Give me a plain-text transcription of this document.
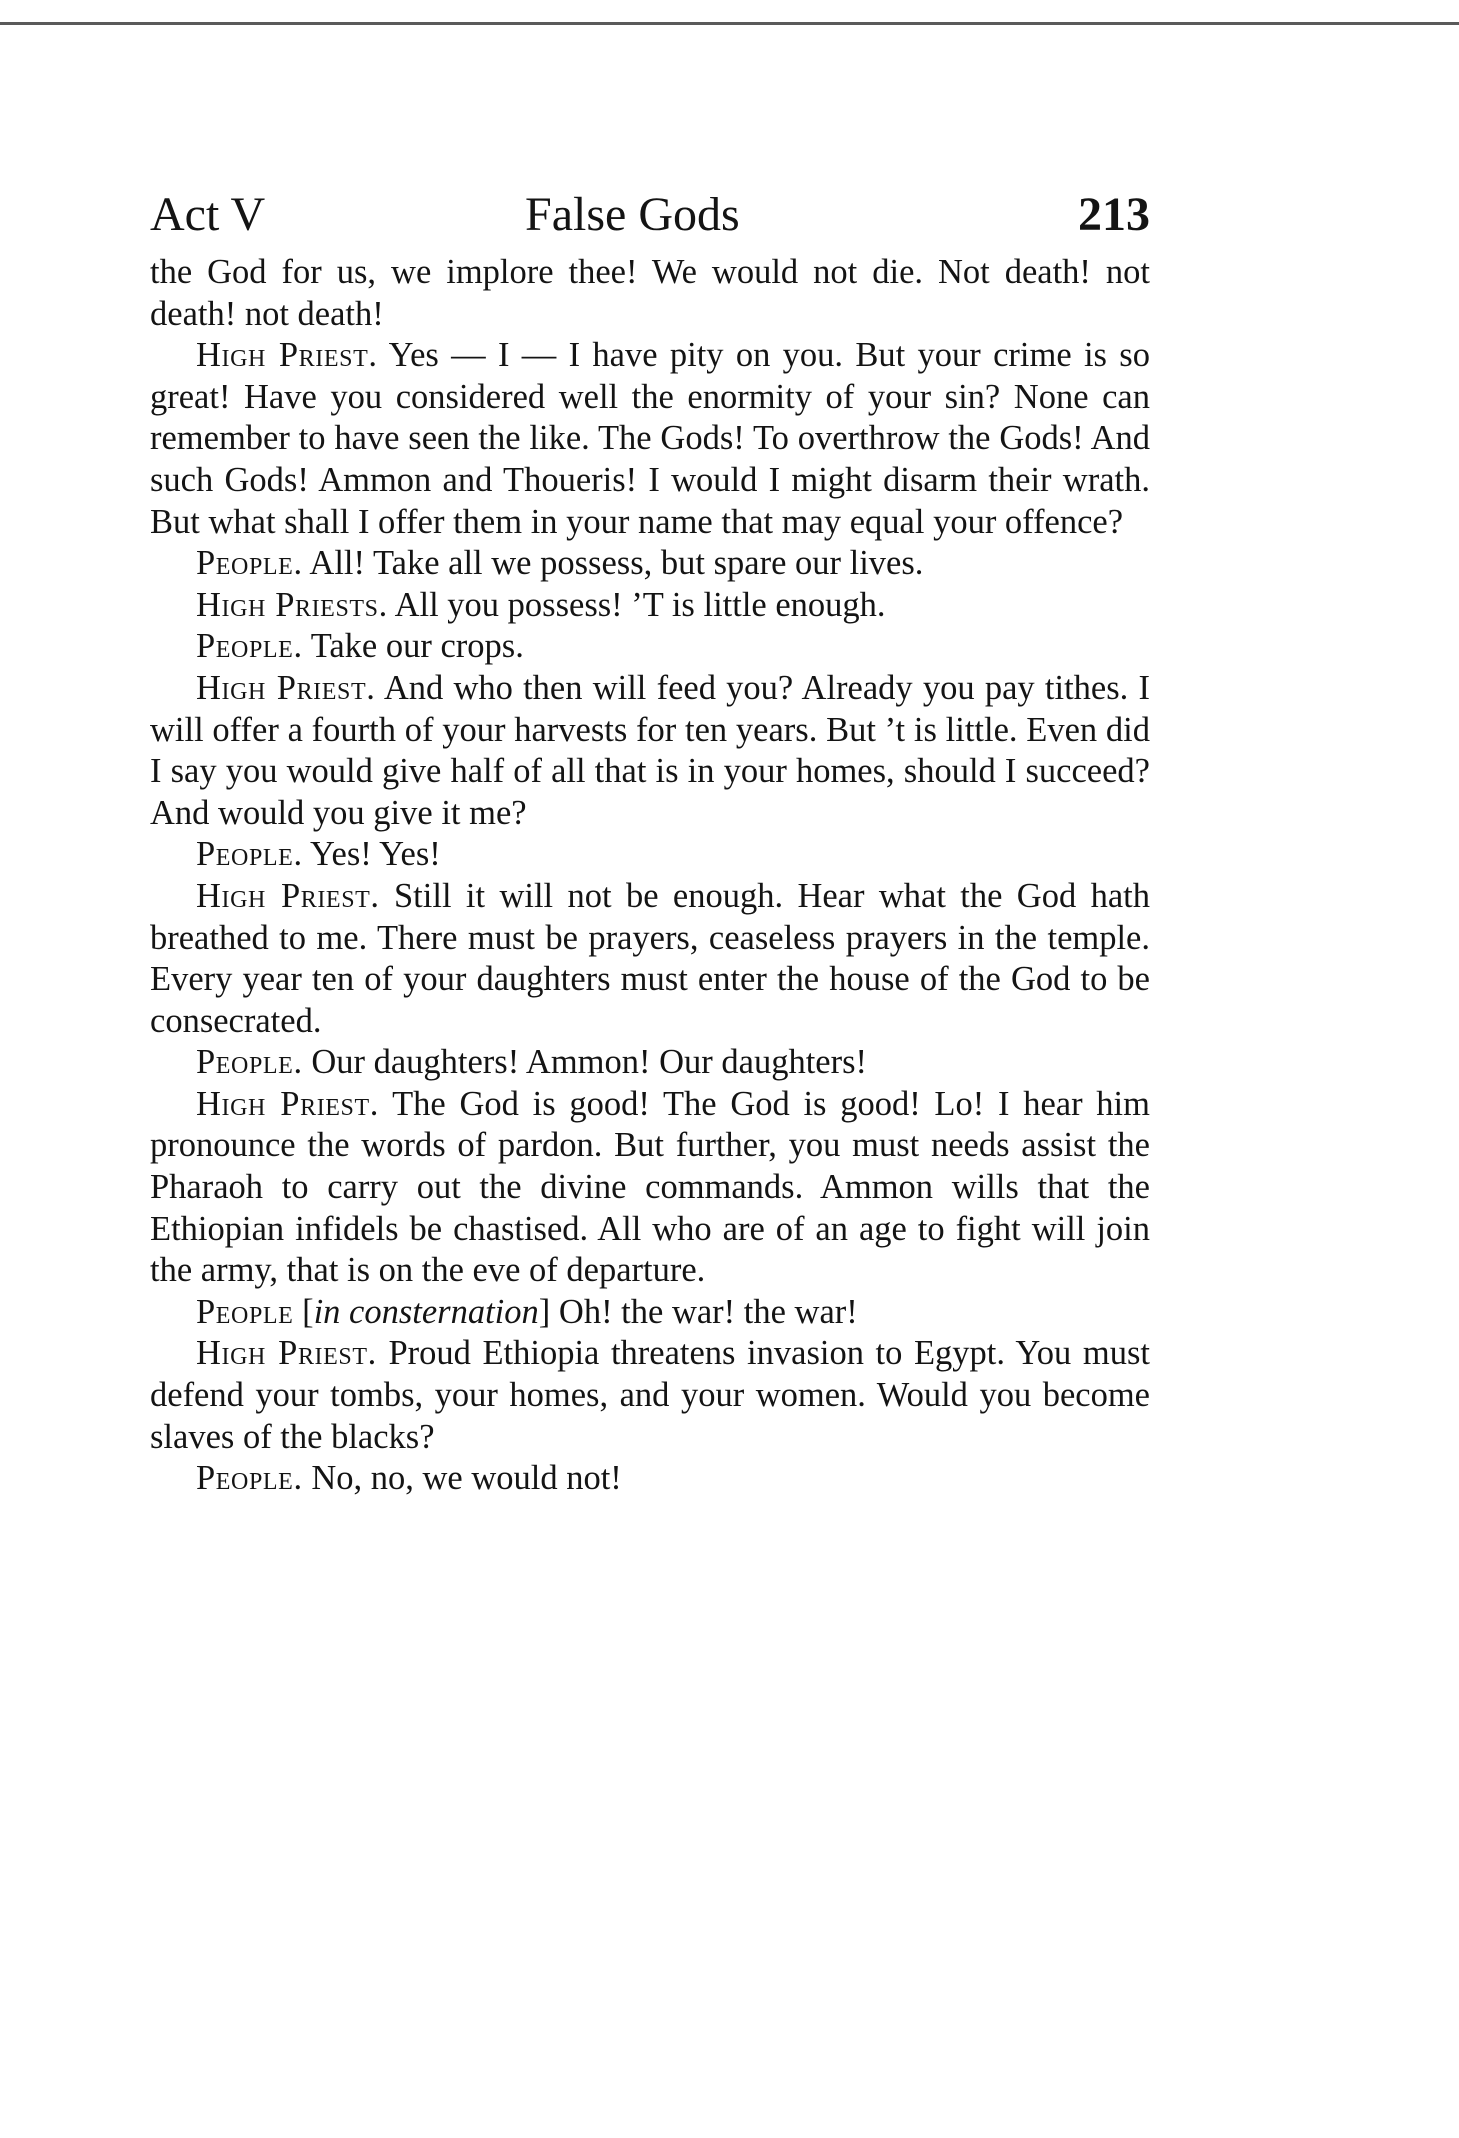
Act V	False Gods	213

the God for us, we implore thee! We would not die. Not death! not death! not death!

High Priest. Yes — I — I have pity on you. But your crime is so great! Have you considered well the enormity of your sin? None can remember to have seen the like. The Gods! To overthrow the Gods! And such Gods! Ammon and Thoueris! I would I might disarm their wrath. But what shall I offer them in your name that may equal your offence?

People. All! Take all we possess, but spare our lives.

High Priests. All you possess! ’T is little enough.

People. Take our crops.

High Priest. And who then will feed you? Already you pay tithes. I will offer a fourth of your harvests for ten years. But ’t is little. Even did I say you would give half of all that is in your homes, should I succeed? And would you give it me?

People. Yes! Yes!

High Priest. Still it will not be enough. Hear what the God hath breathed to me. There must be prayers, ceaseless prayers in the temple. Every year ten of your daughters must enter the house of the God to be consecrated.

People. Our daughters! Ammon! Our daughters!

High Priest. The God is good! The God is good! Lo! I hear him pronounce the words of pardon. But further, you must needs assist the Pharaoh to carry out the divine commands. Ammon wills that the Ethiopian infidels be chastised. All who are of an age to fight will join the army, that is on the eve of departure.

People [in consternation] Oh! the war! the war!

High Priest. Proud Ethiopia threatens invasion to Egypt. You must defend your tombs, your homes, and your women. Would you become slaves of the blacks?

People. No, no, we would not!
